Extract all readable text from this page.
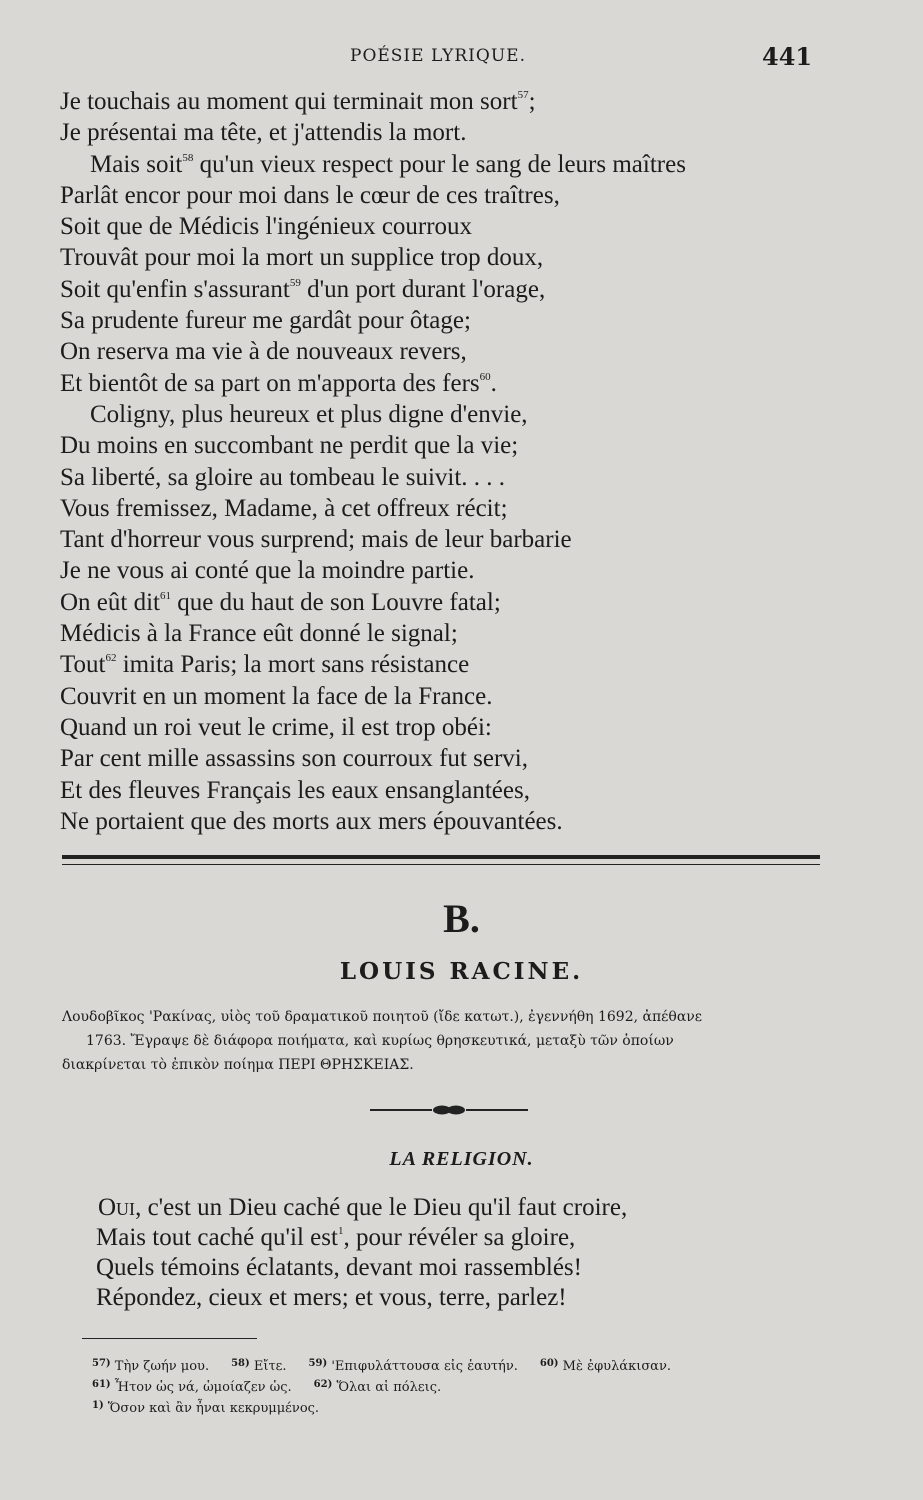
POÉSIE LYRIQUE.	441
Je touchais au moment qui terminait mon sort$^{57}$;
Je présentai ma tête, et j'attendis la mort.
Mais soit$^{58}$ qu'un vieux respect pour le sang de leurs maîtres
Parlât encor pour moi dans le cœur de ces traîtres,
Soit que de Médicis l'ingénieux courroux
Trouvât pour moi la mort un supplice trop doux,
Soit qu'enfin s'assurant$^{59}$ d'un port durant l'orage,
Sa prudente fureur me gardât pour ôtage;
On reserva ma vie à de nouveaux revers,
Et bientôt de sa part on m'apporta des fers$^{60}$.
Coligny, plus heureux et plus digne d'envie,
Du moins en succombant ne perdit que la vie;
Sa liberté, sa gloire au tombeau le suivit. . . .
Vous fremissez, Madame, à cet offreux récit;
Tant d'horreur vous surprend; mais de leur barbarie
Je ne vous ai conté que la moindre partie.
On eût dit$^{61}$ que du haut de son Louvre fatal;
Médicis à la France eût donné le signal;
Tout$^{62}$ imita Paris; la mort sans résistance
Couvrit en un moment la face de la France.
Quand un roi veut le crime, il est trop obéi:
Par cent mille assassins son courroux fut servi,
Et des fleuves Français les eaux ensanglantées,
Ne portaient que des morts aux mers épouvantées.
B.
LOUIS RACINE.
Λουδοβῖκος 'Ρακίνας, υἱὸς τοῦ δραματικοῦ ποιητοῦ (ἴδε κατωτ.), ἐγεννήθη 1692, ἀπέθανε
1763. Ἔγραψε δὲ διάφορα ποιήματα, καὶ κυρίως θρησκευτικά, μεταξὺ τῶν ὁποίων
διακρίνεται τὸ ἐπικὸν ποίημα ΠΕΡΙ ΘΡΗΣΚΕΙΑΣ.
LA RELIGION.
Oui, c'est un Dieu caché que le Dieu qu'il faut croire,
Mais tout caché qu'il est$^1$, pour révéler sa gloire,
Quels témoins éclatants, devant moi rassemblés!
Répondez, cieux et mers; et vous, terre, parlez!
$^{57)}$ Τὴν ζωήν μου. $^{58)}$ Εἴτε. $^{59)}$ 'Επιφυλάττουσα εἰς ἑαυτήν. $^{60)}$ Μὲ ἐφυλάκισαν.
$^{61)}$ Ἦτον ὡς νά, ὡμοίαζεν ὡς. $^{62)}$ Ὅλαι αἱ πόλεις.
$^{1)}$ Ὅσον καὶ ἂν ἦναι κεκρυμμένος.
